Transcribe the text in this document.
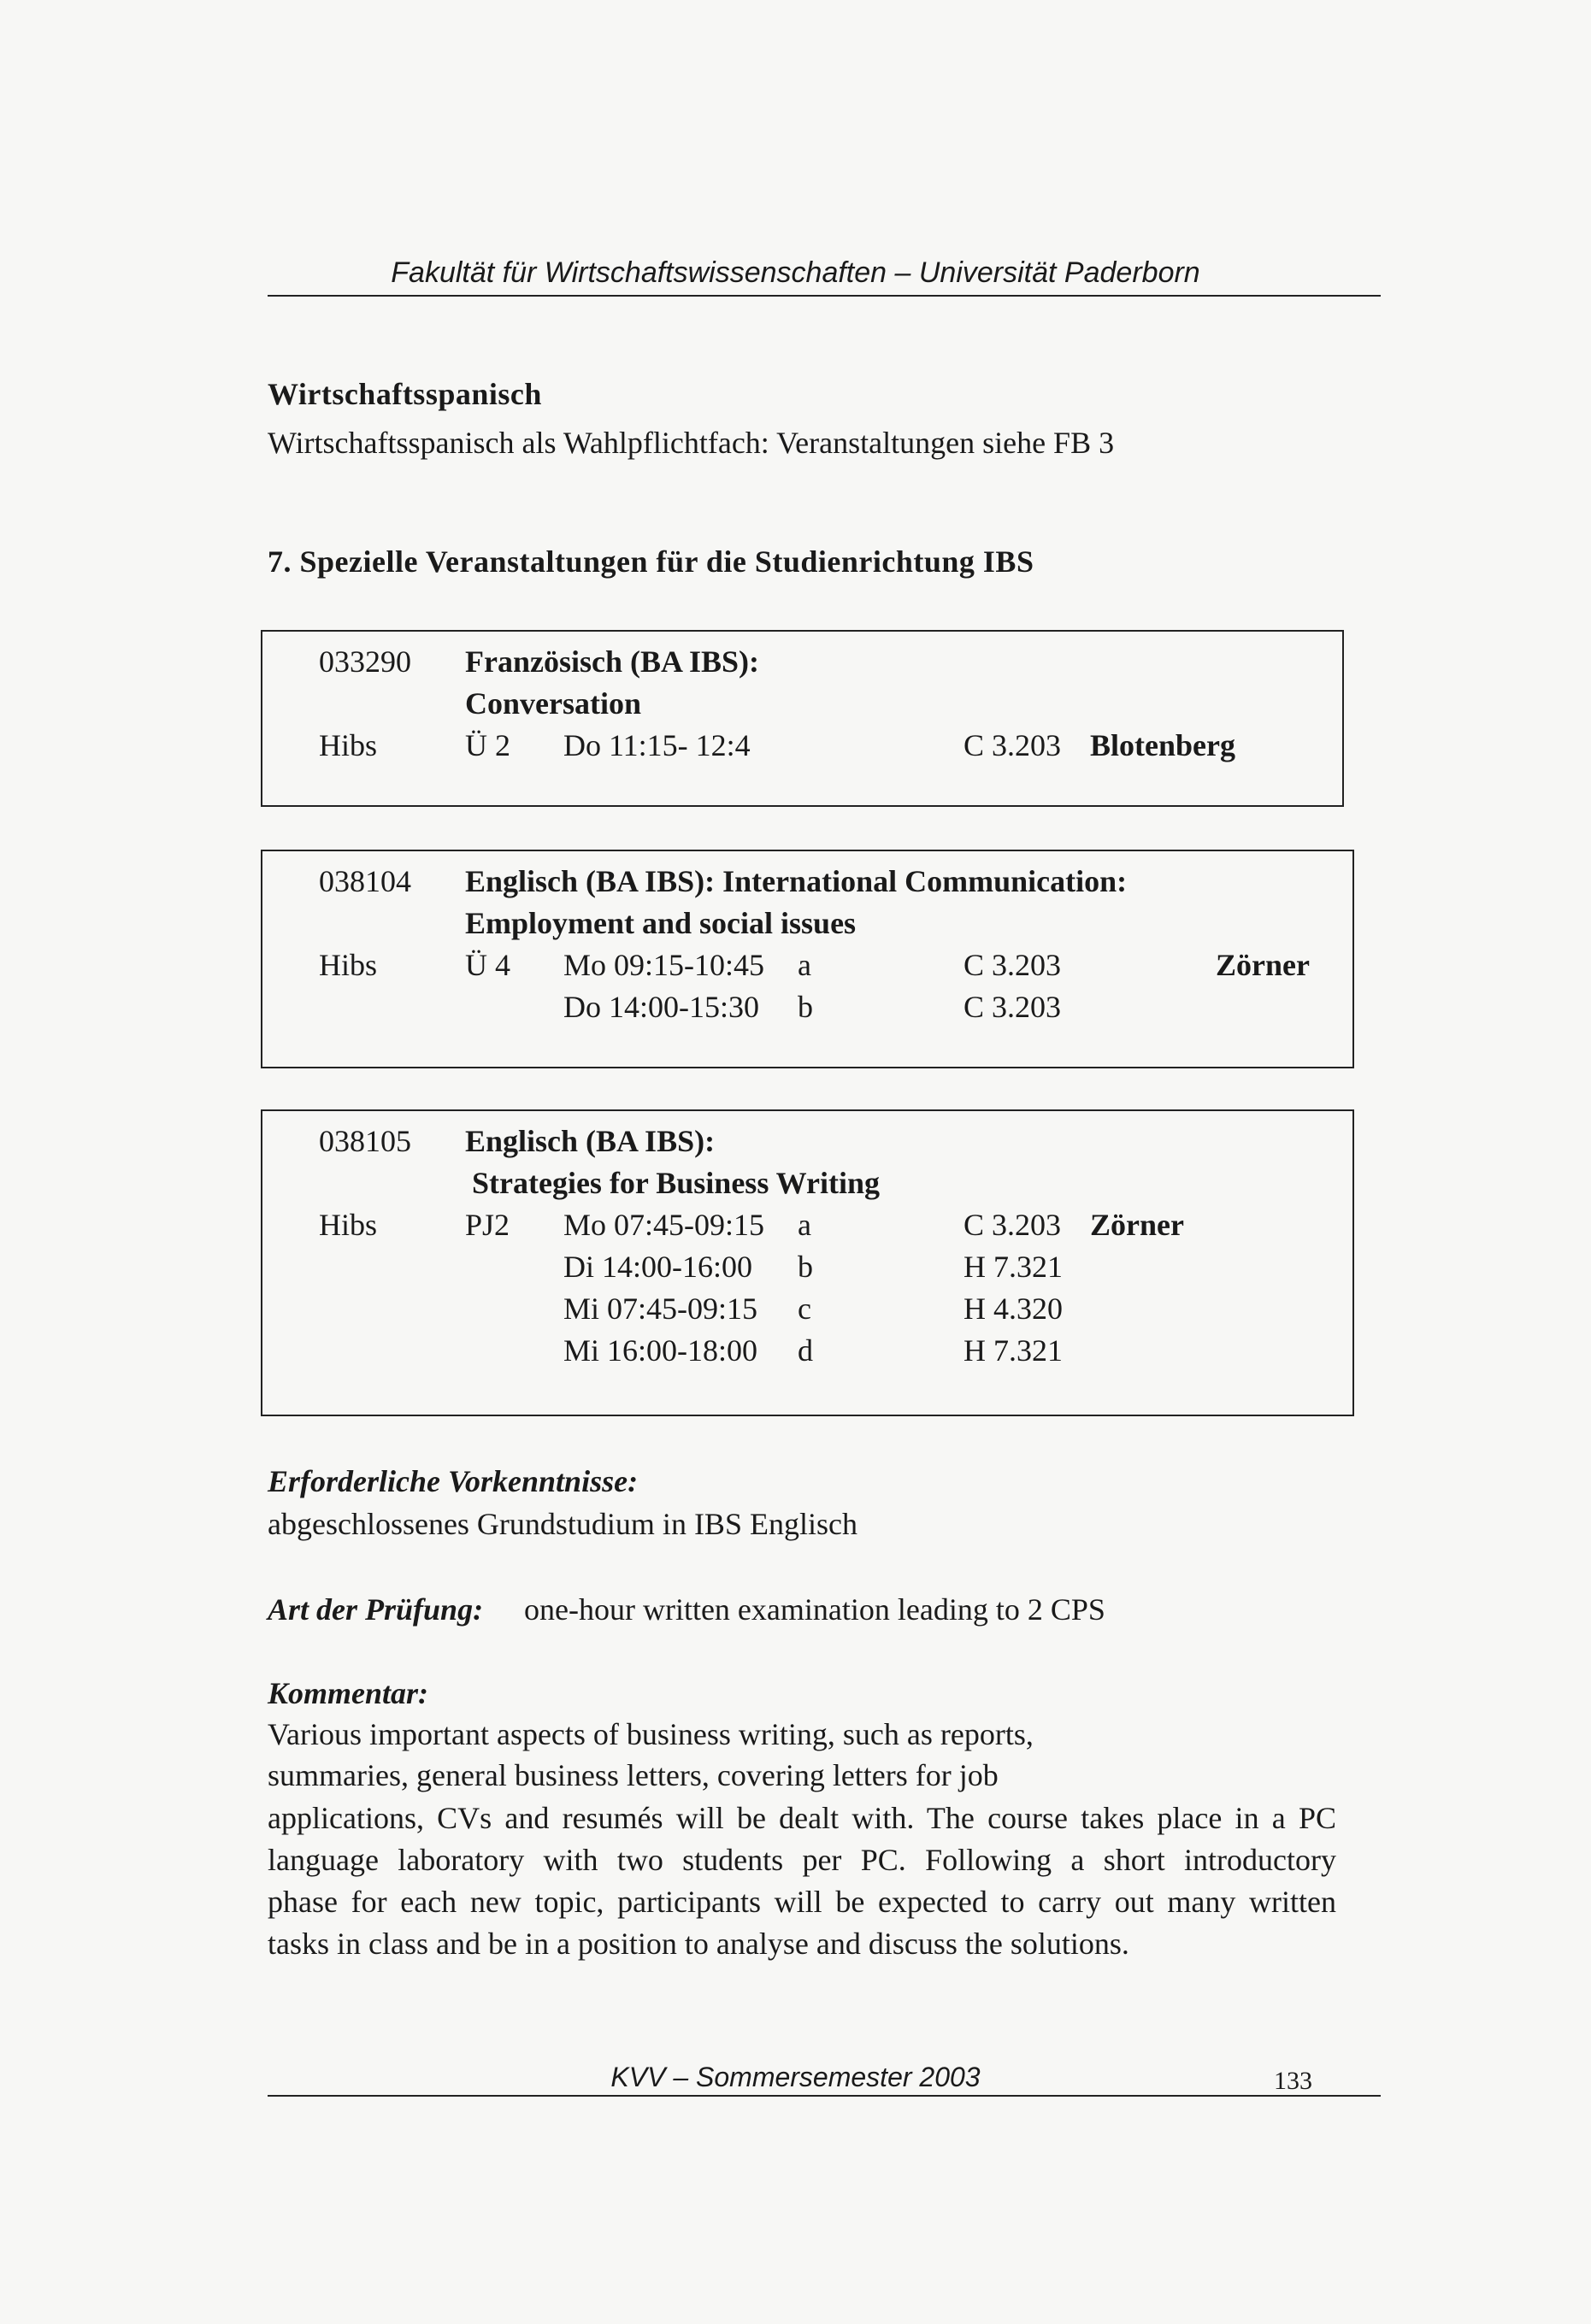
Fakultät für Wirtschaftswissenschaften – Universität Paderborn
Wirtschaftsspanisch
Wirtschaftsspanisch als Wahlpflichtfach: Veranstaltungen siehe FB 3
7. Spezielle Veranstaltungen für die Studienrichtung IBS
033290 Französisch (BA IBS):
Conversation
Hibs	Ü 2 Do 11:15- 12:4	C 3.203 Blotenberg
038104 Englisch (BA IBS): International Communication:
Employment and social issues
Hibs	Ü 4 Mo 09:15-10:45 a	C 3.203	Zörner
Do 14:00-15:30 b	C 3.203
038105 Englisch (BA IBS):
Strategies for Business Writing
Hibs	PJ2 Mo 07:45-09:15 a	C 3.203 Zörner
Di 14:00-16:00 b	H 7.321
Mi 07:45-09:15 c	H 4.320
Mi 16:00-18:00 d	H 7.321
Erforderliche Vorkenntnisse:
abgeschlossenes Grundstudium in IBS Englisch
Art der Prüfung: one-hour written examination leading to 2 CPS
Kommentar:
Various important aspects of business writing, such as reports,
summaries, general business letters, covering letters for job
applications, CVs and resumés will be dealt with. The course takes place in a PC
language laboratory with two students per PC. Following a short introductory
phase for each new topic, participants will be expected to carry out many written
tasks in class and be in a position to analyse and discuss the solutions.
KVV – Sommersemester 2003	133
